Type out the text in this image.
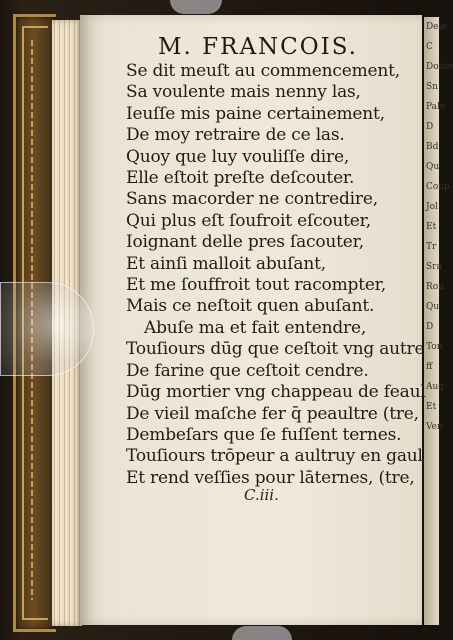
Dele
C
Doute
Sn
Pale
D
Bd
Qu
Coup
Jol
Et
Tr
Sra
Ron
Qu
D
Ton
ff
Aug
Et
Ven
M. FRANCOIS.
Se dit meuſt au commencement,
Sa voulente mais nenny las,
Ieuſſe mis paine certainement,
De moy retraire de ce las.
Quoy que luy vouliſſe dire,
Elle eſtoit preſte deſcouter.
Sans macorder ne contredire,
Qui plus eſt ſoufroit eſcouter,
Ioignant delle pres ſacouter,
Et ainſi malloit abuſant,
Et me ſouffroit tout racompter,
Mais ce neſtoit quen abuſant.
Abuſe ma et fait entendre,
Touſiours dūg que ceſtoit vng autre
De farine que ceſtoit cendre.
Dūg mortier vng chappeau de feaul
De vieil maſche fer q̄ peaultre (tre,
Dembeſars que ſe fuſſent ternes.
Touſiours trōpeur a aultruy en gaul
Et rend veſſies pour lāternes, (tre,
C.iii.
